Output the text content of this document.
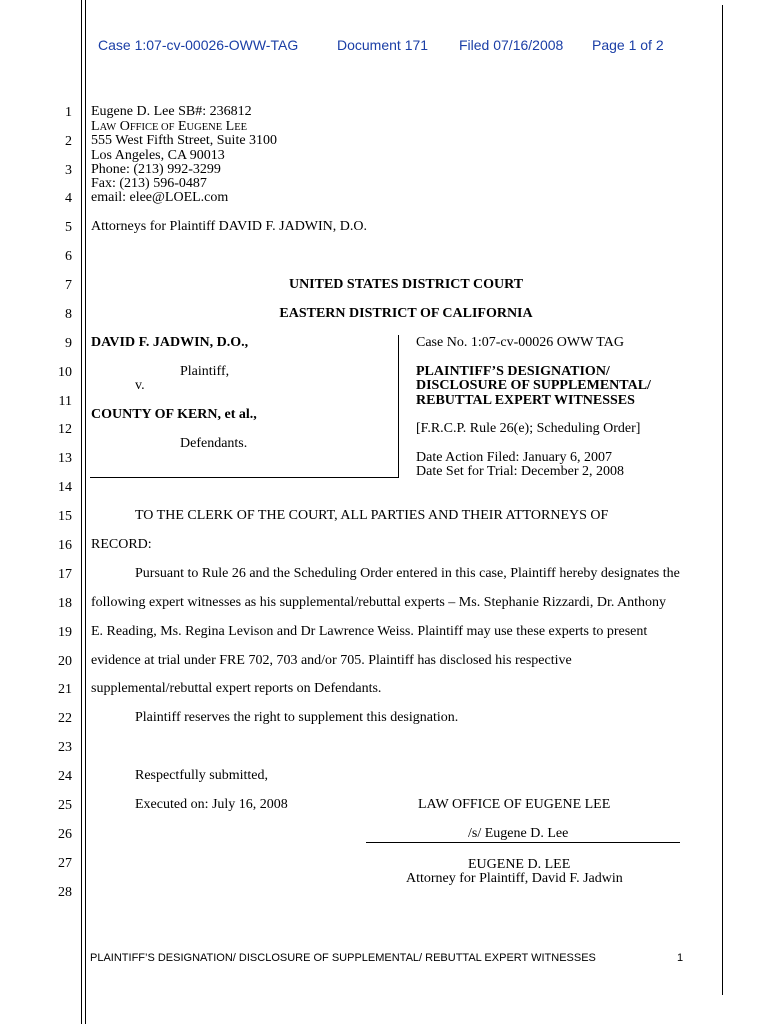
Case 1:07-cv-00026-OWW-TAG	Document 171 Filed 07/16/2008 Page 1 of 2
1
2
3
4
5
6
7
8
9
10
11
12
13
14
15
16
17
18
19
20
21
22
23
24
25
26
27
28
Eugene D. Lee SB#: 236812
LAW OFFICE OF EUGENE LEE
555 West Fifth Street, Suite 3100
Los Angeles, CA 90013
Phone: (213) 992-3299
Fax: (213) 596-0487
email: elee@LOEL.com
Attorneys for Plaintiff DAVID F. JADWIN, D.O.
UNITED STATES DISTRICT COURT
EASTERN DISTRICT OF CALIFORNIA
DAVID F. JADWIN, D.O.,
Plaintiff,
v.
COUNTY OF KERN, et al.,
Defendants.
Case No. 1:07-cv-00026 OWW TAG
PLAINTIFF’S DESIGNATION/
DISCLOSURE OF SUPPLEMENTAL/
REBUTTAL EXPERT WITNESSES
[F.R.C.P. Rule 26(e); Scheduling Order]
Date Action Filed: January 6, 2007
Date Set for Trial: December 2, 2008
TO THE CLERK OF THE COURT, ALL PARTIES AND THEIR ATTORNEYS OF
RECORD:
Pursuant to Rule 26 and the Scheduling Order entered in this case, Plaintiff hereby designates the
following expert witnesses as his supplemental/rebuttal experts – Ms. Stephanie Rizzardi, Dr. Anthony
E. Reading, Ms. Regina Levison and Dr Lawrence Weiss. Plaintiff may use these experts to present
evidence at trial under FRE 702, 703 and/or 705. Plaintiff has disclosed his respective
supplemental/rebuttal expert reports on Defendants.
Plaintiff reserves the right to supplement this designation.
Respectfully submitted,
Executed on: July 16, 2008	LAW OFFICE OF EUGENE LEE
/s/ Eugene D. Lee
EUGENE D. LEE
Attorney for Plaintiff, David F. Jadwin
PLAINTIFF’S DESIGNATION/ DISCLOSURE OF SUPPLEMENTAL/ REBUTTAL EXPERT WITNESSES	1
